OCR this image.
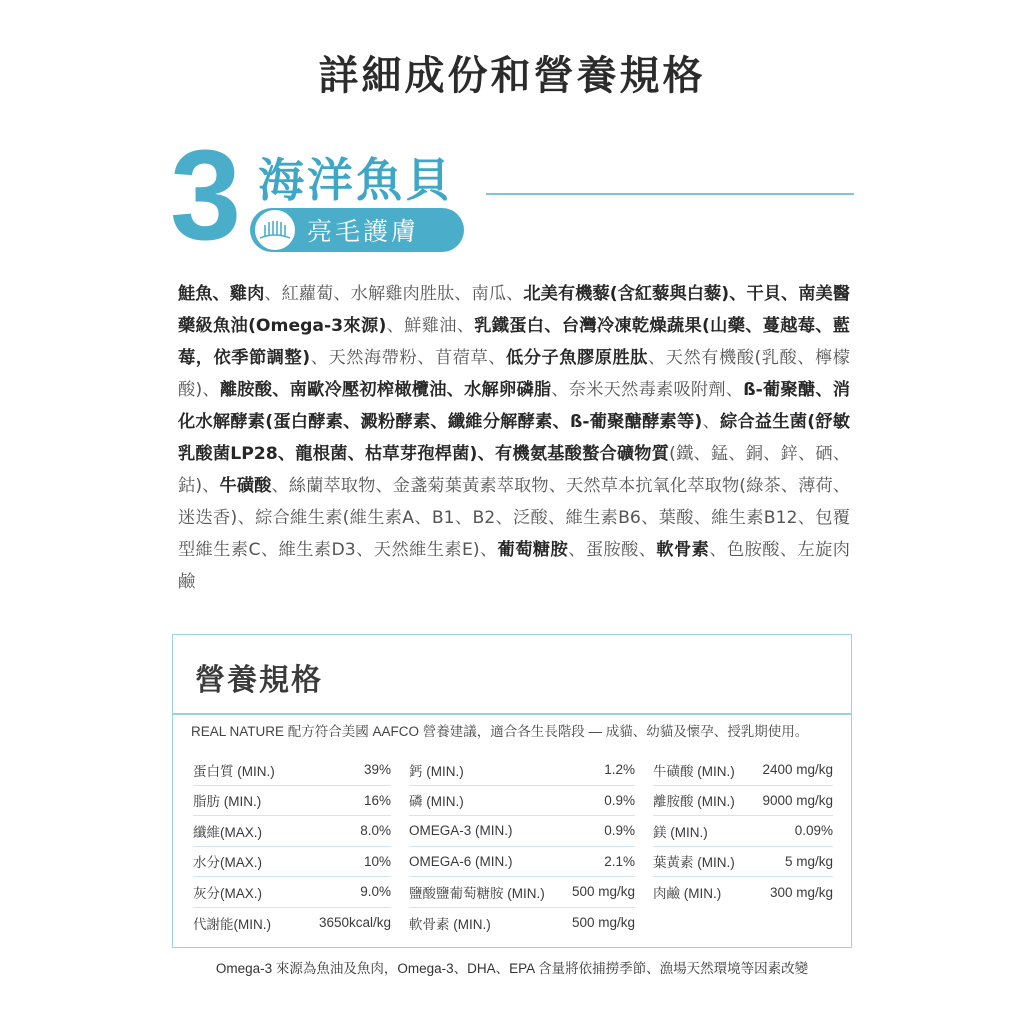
詳細成份和營養規格
3 海洋魚貝
亮毛護膚
鮭魚、雞肉、紅蘿蔔、水解雞肉胜肽、南瓜、北美有機藜(含紅藜與白藜)、干貝、南美醫藥級魚油(Omega-3來源)、鮮雞油、乳鐵蛋白、台灣冷凍乾燥蔬果(山藥、蔓越莓、藍莓，依季節調整)、天然海帶粉、苜蓿草、低分子魚膠原胜肽、天然有機酸(乳酸、檸檬酸)、離胺酸、南歐冷壓初榨橄欖油、水解卵磷脂、奈米天然毒素吸附劑、ß-葡聚醣、消化水解酵素(蛋白酵素、澱粉酵素、纖維分解酵素、ß-葡聚醣酵素等)、綜合益生菌(舒敏乳酸菌LP28、龍根菌、枯草芽孢桿菌)、有機氨基酸螯合礦物質(鐵、錳、銅、鋅、硒、鈷)、牛磺酸、絲蘭萃取物、金盞菊葉黃素萃取物、天然草本抗氧化萃取物(綠茶、薄荷、迷迭香)、綜合維生素(維生素A、B1、B2、泛酸、維生素B6、葉酸、維生素B12、包覆型維生素C、維生素D3、天然維生素E)、葡萄糖胺、蛋胺酸、軟骨素、色胺酸、左旋肉鹼
營養規格
REAL NATURE 配方符合美國 AAFCO 營養建議，適合各生長階段 — 成貓、幼貓及懷孕、授乳期使用。
蛋白質 (MIN.)	39%
脂肪 (MIN.)	16%
纖維(MAX.)	8.0%
水分(MAX.)	10%
灰分(MAX.)	9.0%
代謝能(MIN.)	3650kcal/kg
鈣 (MIN.)	1.2%
磷 (MIN.)	0.9%
OMEGA-3 (MIN.)	0.9%
OMEGA-6 (MIN.)	2.1%
鹽酸鹽葡萄糖胺 (MIN.) 500 mg/kg
軟骨素 (MIN.)	500 mg/kg
牛磺酸 (MIN.) 2400 mg/kg
離胺酸 (MIN.) 9000 mg/kg
鎂 (MIN.)	0.09%
葉黃素 (MIN.)	5 mg/kg
肉鹼 (MIN.)	300 mg/kg
Omega-3 來源為魚油及魚肉，Omega-3、DHA、EPA 含量將依捕撈季節、漁場天然環境等因素改變
